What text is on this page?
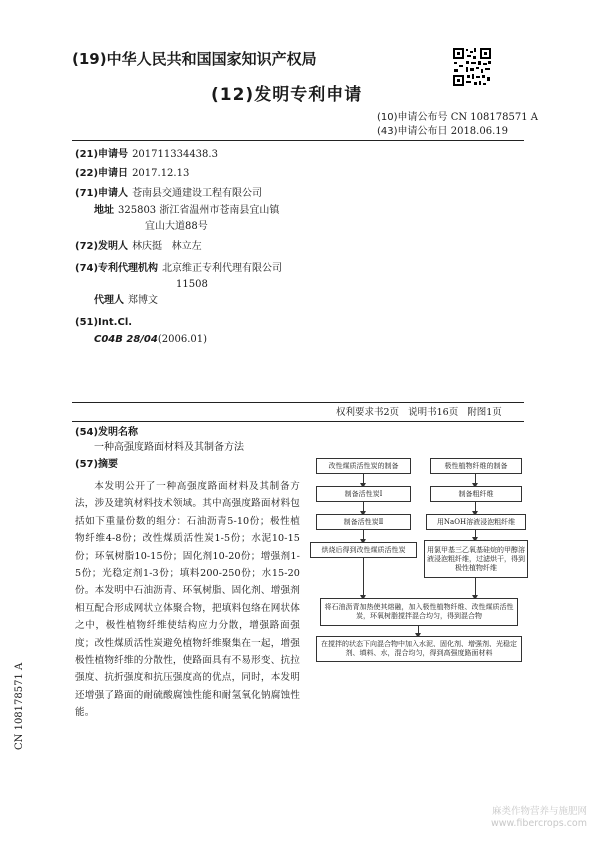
(19)中华人民共和国国家知识产权局
(12)发明专利申请
(10)申请公布号 CN 108178571 A
(43)申请公布日 2018.06.19
(21)申请号 201711334438.3
(22)申请日 2017.12.13
(71)申请人 苍南县交通建设工程有限公司
地址 325803 浙江省温州市苍南县宜山镇
宜山大道88号
(72)发明人 林庆挺   林立左
(74)专利代理机构 北京维正专利代理有限公司
11508
代理人 郑博文
(51)Int.Cl.
C04B 28/04(2006.01)
权利要求书2页   说明书16页   附图1页
(54)发明名称
一种高强度路面材料及其制备方法
(57)摘要
本发明公开了一种高强度路面材料及其制备方法，涉及建筑材料技术领域。其中高强度路面材料包括如下重量份数的组分：石油沥青5-10份；极性植物纤维4-8份；改性煤质活性炭1-5份；水泥10-15份；环氧树脂10-15份；固化剂10-20份；增强剂1-5份；光稳定剂1-3份；填料200-250份；水15-20份。本发明中石油沥青、环氧树脂、固化剂、增强剂相互配合形成网状立体聚合物，把填料包络在网状体之中，极性植物纤维使结构应力分散，增强路面强度；改性煤质活性炭避免植物纤维聚集在一起，增强极性植物纤维的分散性，使路面具有不易形变、抗拉强度、抗折强度和抗压强度高的优点，同时，本发明还增强了路面的耐硫酸腐蚀性能和耐氢氧化钠腐蚀性能。
改性煤质活性炭的制备
制备活性炭Ⅰ
制备活性炭Ⅱ
烘烧后得到改性煤质活性炭
极性植物纤维的制备
制备粗纤维
用NaOH溶液浸泡粗纤维
用氯甲基三乙氧基硅烷的甲醇溶液浸泡粗纤维，过滤烘干，得到极性植物纤维
将石油沥青加热使其熔融，加入极性植物纤维、改性煤质活性炭，环氧树脂搅拌混合均匀，得到混合物
在搅拌的状态下向混合物中加入水泥、固化剂、增强剂、光稳定剂、填料、水，混合均匀，得到高强度路面材料
CN 108178571 A
麻类作物营养与施肥网
www.fibercrops.com
